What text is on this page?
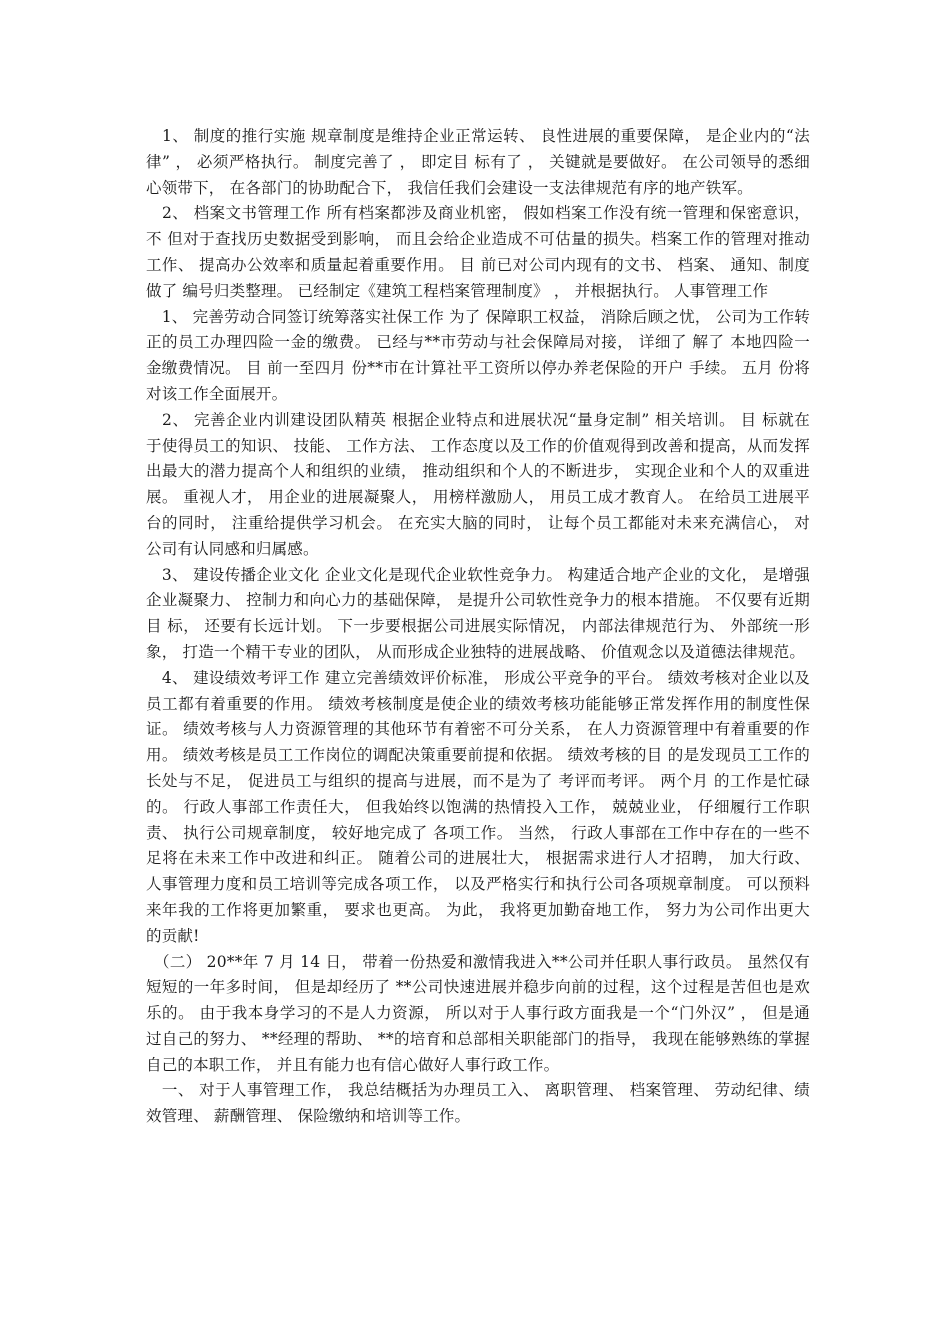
　1、 制度的推行实施 规章制度是维持企业正常运转、 良性进展的重要保障， 是企业内的“法律” ， 必须严格执行。 制度完善了 ， 即定目 标有了 ， 关键就是要做好。 在公司领导的悉细心领带下， 在各部门的协助配合下， 我信任我们会建设一支法律规范有序的地产铁军。

　2、 档案文书管理工作 所有档案都涉及商业机密， 假如档案工作没有统一管理和保密意识， 不 但对于查找历史数据受到影响， 而且会给企业造成不可估量的损失。档案工作的管理对推动工作、 提高办公效率和质量起着重要作用。 目 前已对公司内现有的文书、 档案、 通知、制度做了 编号归类整理。 已经制定《建筑工程档案管理制度》 ， 并根据执行。 人事管理工作

　1、 完善劳动合同签订统筹落实社保工作 为了 保障职工权益， 消除后顾之忧， 公司为工作转正的员工办理四险一金的缴费。 已经与**市劳动与社会保障局对接， 详细了 解了 本地四险一金缴费情况。 目 前一至四月 份**市在计算社平工资所以停办养老保险的开户 手续。 五月 份将对该工作全面展开。

　2、 完善企业内训建设团队精英 根据企业特点和进展状况“量身定制” 相关培训。 目 标就在于使得员工的知识、 技能、 工作方法、 工作态度以及工作的价值观得到改善和提高，从而发挥出最大的潜力提高个人和组织的业绩， 推动组织和个人的不断进步， 实现企业和个人的双重进展。 重视人才， 用企业的进展凝聚人， 用榜样激励人， 用员工成才教育人。 在给员工进展平台的同时， 注重给提供学习机会。 在充实大脑的同时， 让每个员工都能对未来充满信心， 对公司有认同感和归属感。

　3、 建设传播企业文化 企业文化是现代企业软性竞争力。 构建适合地产企业的文化， 是增强企业凝聚力、 控制力和向心力的基础保障， 是提升公司软性竞争力的根本措施。 不仅要有近期目 标， 还要有长远计划。 下一步要根据公司进展实际情况， 内部法律规范行为、 外部统一形象， 打造一个精干专业的团队， 从而形成企业独特的进展战略、 价值观念以及道德法律规范。

　4、 建设绩效考评工作 建立完善绩效评价标准， 形成公平竞争的平台。 绩效考核对企业以及员工都有着重要的作用。 绩效考核制度是使企业的绩效考核功能能够正常发挥作用的制度性保证。 绩效考核与人力资源管理的其他环节有着密不可分关系， 在人力资源管理中有着重要的作用。 绩效考核是员工工作岗位的调配决策重要前提和依据。 绩效考核的目 的是发现员工工作的长处与不足， 促进员工与组织的提高与进展，而不是为了 考评而考评。 两个月 的工作是忙碌的。 行政人事部工作责任大， 但我始终以饱满的热情投入工作， 兢兢业业， 仔细履行工作职责、 执行公司规章制度， 较好地完成了 各项工作。 当然， 行政人事部在工作中存在的一些不足将在未来工作中改进和纠正。 随着公司的进展壮大， 根据需求进行人才招聘， 加大行政、 人事管理力度和员工培训等完成各项工作， 以及严格实行和执行公司各项规章制度。 可以预料来年我的工作将更加繁重， 要求也更高。 为此， 我将更加勤奋地工作， 努力为公司作出更大的贡献!

　（二） 20**年 7 月 14 日， 带着一份热爱和激情我进入**公司并任职人事行政员。 虽然仅有短短的一年多时间， 但是却经历了 **公司快速进展并稳步向前的过程，这个过程是苦但也是欢乐的。 由于我本身学习的不是人力资源， 所以对于人事行政方面我是一个“门外汉” ， 但是通过自己的努力、 **经理的帮助、 **的培育和总部相关职能部门的指导， 我现在能够熟练的掌握自己的本职工作， 并且有能力也有信心做好人事行政工作。

　一、 对于人事管理工作， 我总结概括为办理员工入、 离职管理、 档案管理、 劳动纪律、绩效管理、 薪酬管理、 保险缴纳和培训等工作。
